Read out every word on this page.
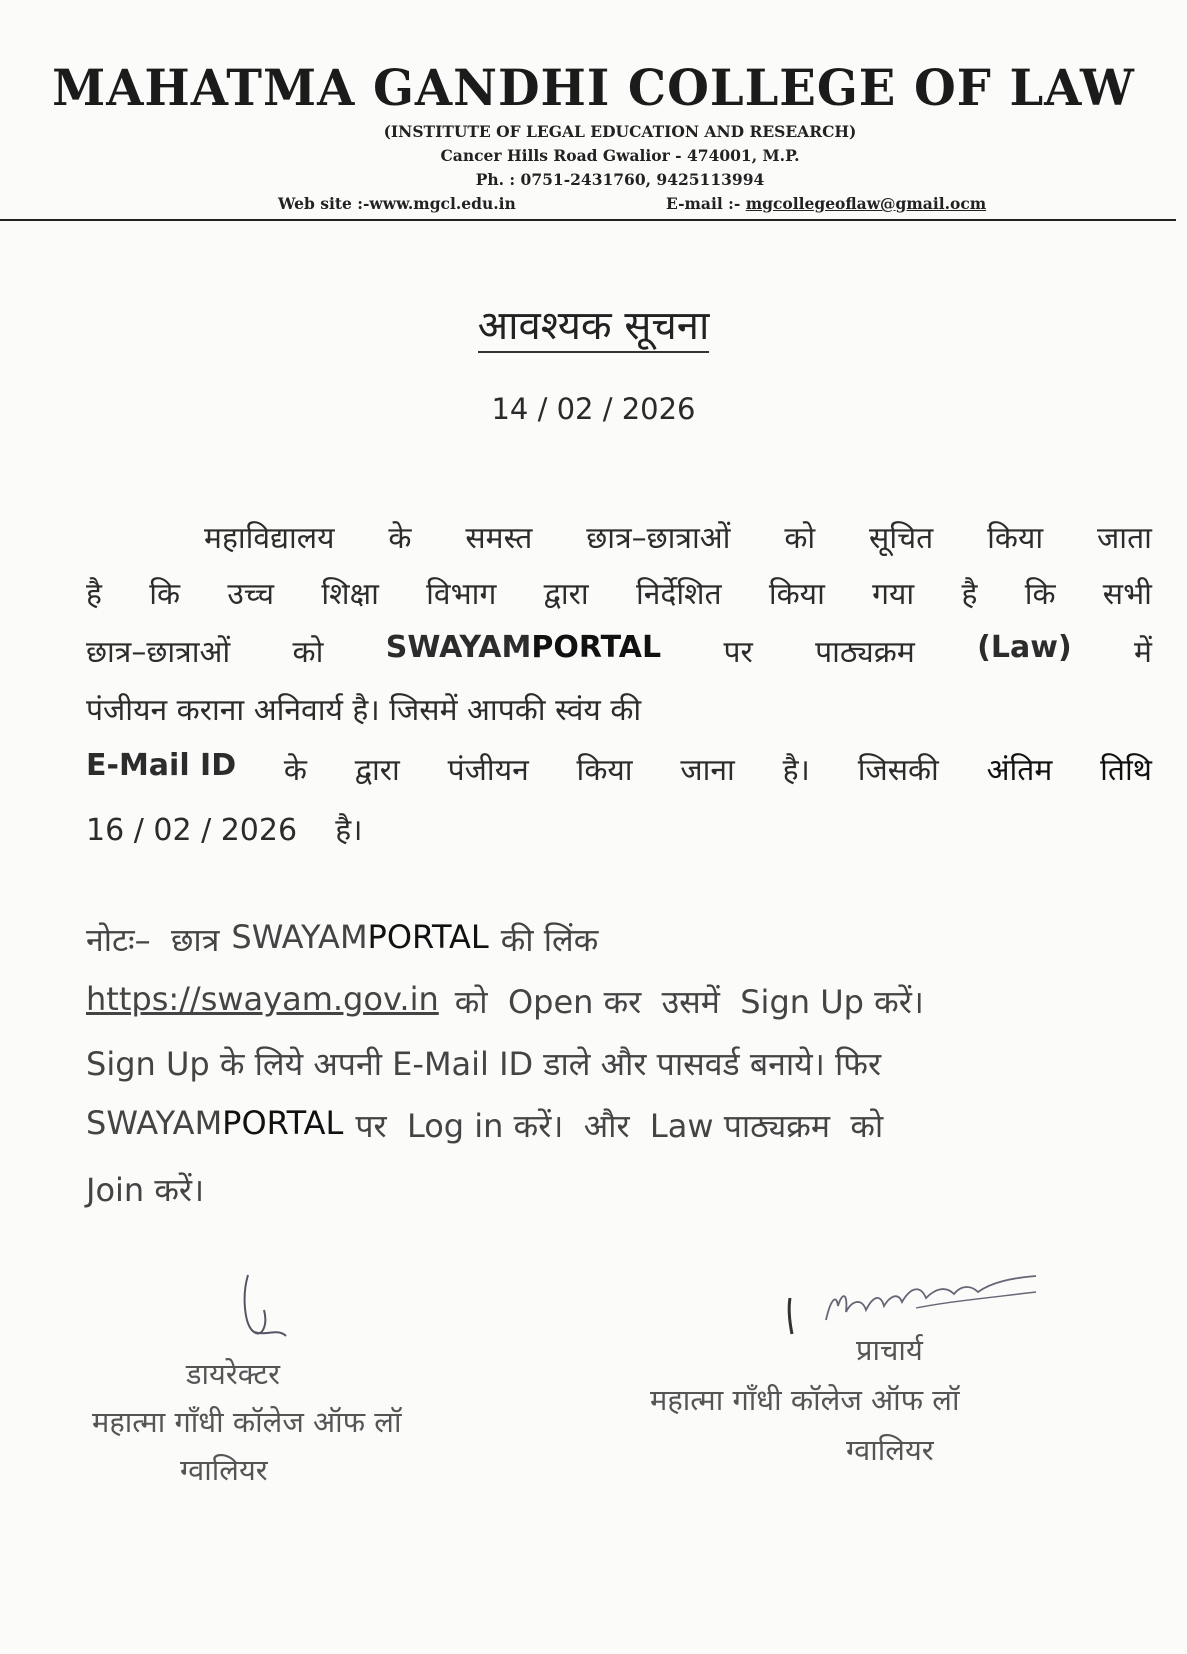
MAHATMA GANDHI COLLEGE OF LAW
(INSTITUTE OF LEGAL EDUCATION AND RESEARCH)
Cancer Hills Road Gwalior - 474001, M.P.
Ph. : 0751-2431760, 9425113994
Web site :-www.mgcl.edu.in	E-mail :- mgcollegeoflaw@gmail.ocm
आवश्यक सूचना
14 / 02 / 2026
महाविद्यालय के समस्त छात्र–छात्राओं को सूचित किया जाता
है कि उच्च शिक्षा विभाग द्वारा निर्देशित किया गया है कि सभी
छात्र–छात्राओं को SWAYAMPORTAL पर पाठ्यक्रम (Law) में
पंजीयन कराना अनिवार्य है। जिसमें आपकी स्वंय की
E-Mail ID के द्वारा पंजीयन किया जाना है। जिसकी अंतिम तिथि
16 / 02 / 2026    है।
नोटः–  छात्र SWAYAMPORTAL की लिंक
https://swayam.gov.in को  Open कर  उसमें  Sign Up करें।
Sign Up के लिये अपनी E-Mail ID डाले और पासवर्ड बनाये। फिर
SWAYAMPORTAL पर  Log in करें।  और  Law पाठ्यक्रम  को
Join करें।
डायरेक्टर
महात्मा गाँधी कॉलेज ऑफ लॉ
ग्वालियर
प्राचार्य
महात्मा गाँधी कॉलेज ऑफ लॉ
ग्वालियर
